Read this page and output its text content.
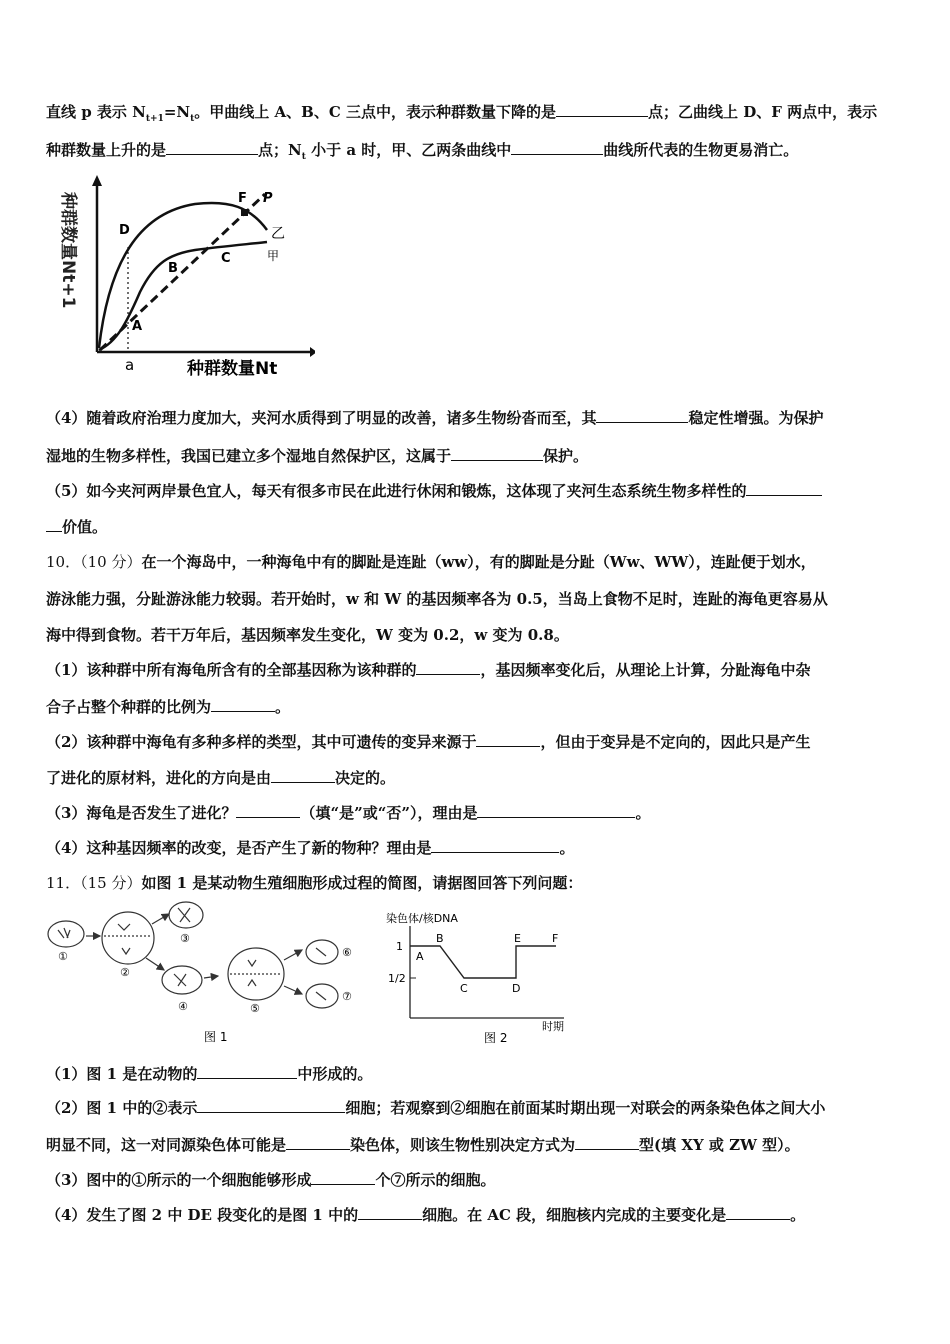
直线 p 表示 $N_{t+1}=N_t$。甲曲线上 A、B、C 三点中，表示种群数量下降的是	点；乙曲线上 D、F 两点中，表示
种群数量上升的是	点；$N_t$ 小于 a 时，甲、乙两条曲线中	曲线所代表的生物更易消亡。
种群数量Nt+1	D
B
C
A
F P
乙
甲
a	种群数量Nt
（4）随着政府治理力度加大，夹河水质得到了明显的改善，诸多生物纷沓而至，其	稳定性增强。为保护
湿地的生物多样性，我国已建立多个湿地自然保护区，这属于	保护。
（5）如今夹河两岸景色宜人，每天有很多市民在此进行休闲和锻炼，这体现了夹河生态系统生物多样性的
价值。
10．（10 分）在一个海岛中，一种海龟中有的脚趾是连趾（ww），有的脚趾是分趾（Ww、WW），连趾便于划水，
游泳能力强，分趾游泳能力较弱。若开始时，w 和 W 的基因频率各为 0.5，当岛上食物不足时，连趾的海龟更容易从
海中得到食物。若干万年后，基因频率发生变化，W 变为 0.2，w 变为 0.8。
（1）该种群中所有海龟所含有的全部基因称为该种群的	，基因频率变化后，从理论上计算，分趾海龟中杂
合子占整个种群的比例为	。
（2）该种群中海龟有多种多样的类型，其中可遗传的变异来源于	，但由于变异是不定向的，因此只是产生
了进化的原材料，进化的方向是由	决定的。
（3）海龟是否发生了进化？	（填“是”或“否”），理由是	。
（4）这种基因频率的改变，是否产生了新的物种？理由是	。
11．（15 分）如图 1 是某动物生殖细胞形成过程的简图，请据图回答下列问题：
①
②
③
④	⑤
⑥
⑦
图 1
染色体/核DNA
1
1/2
A
B
C	D
E	F
时期
图 2
（1）图 1 是在动物的	中形成的。
（2）图 1 中的②表示	细胞；若观察到②细胞在前面某时期出现一对联会的两条染色体之间大小
明显不同，这一对同源染色体可能是	染色体，则该生物性别决定方式为	型(填 XY 或 ZW 型）。
（3）图中的①所示的一个细胞能够形成	个⑦所示的细胞。
（4）发生了图 2 中 DE 段变化的是图 1 中的	细胞。在 AC 段，细胞核内完成的主要变化是	。
